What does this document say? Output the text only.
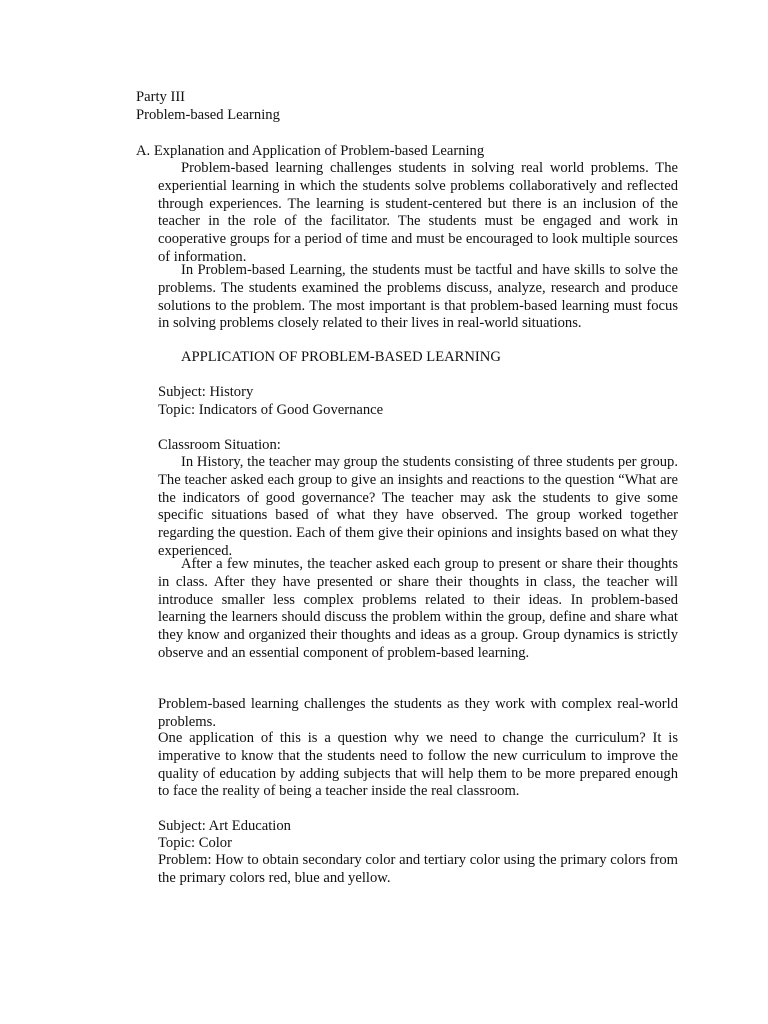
Party III
Problem-based Learning
A. Explanation and Application of Problem-based Learning

Problem-based learning challenges students in solving real world problems. The experiential learning in which the students solve problems collaboratively and reflected through experiences. The learning is student-centered but there is an inclusion of the teacher in the role of the facilitator. The students must be engaged and work in cooperative groups for a period of time and must be encouraged to look multiple sources of information.

In Problem-based Learning, the students must be tactful and have skills to solve the problems. The students examined the problems discuss, analyze, research and produce solutions to the problem. The most important is that problem-based learning must focus in solving problems closely related to their lives in real-world situations.

APPLICATION OF PROBLEM-BASED LEARNING
Subject: History
Topic: Indicators of Good Governance
Classroom Situation:

In History, the teacher may group the students consisting of three students per group. The teacher asked each group to give an insights and reactions to the question “What are the indicators of good governance? The teacher may ask the students to give some specific situations based of what they have observed. The group worked together regarding the question. Each of them give their opinions and insights based on what they experienced.

After a few minutes, the teacher asked each group to present or share their thoughts in class. After they have presented or share their thoughts in class, the teacher will introduce smaller less complex problems related to their ideas. In problem-based learning the learners should discuss the problem within the group, define and share what they know and organized their thoughts and ideas as a group. Group dynamics is strictly observe and an essential component of problem-based learning.

Problem-based learning challenges the students as they work with complex real-world problems.

One application of this is a question why we need to change the curriculum? It is imperative to know that the students need to follow the new curriculum to improve the quality of education by adding subjects that will help them to be more prepared enough to face the reality of being a teacher inside the real classroom.

Subject: Art Education
Topic: Color

Problem: How to obtain secondary color and tertiary color using the primary colors from the primary colors red, blue and yellow.
